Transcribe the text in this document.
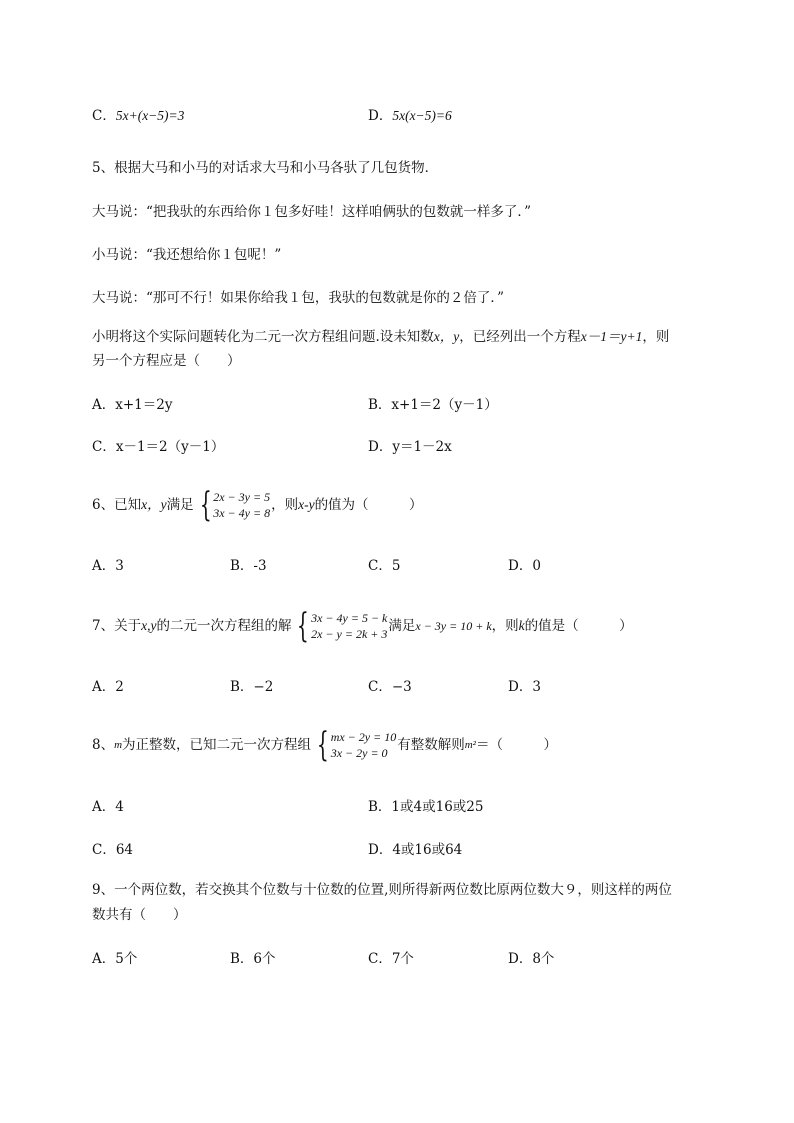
C．5x+(x−5)=3	D．5x(x−5)=6
5、根据大马和小马的对话求大马和小马各驮了几包货物．
大马说：“把我驮的东西给你１包多好哇！这样咱俩驮的包数就一样多了．”
小马说：“我还想给你１包呢！”
大马说：“那可不行！如果你给我１包，我驮的包数就是你的２倍了．”
小明将这个实际问题转化为二元一次方程组问题.设未知数x，y，已经列出一个方程x－1＝y+1，则
另一个方程应是（　　）
A．x+1＝2y	B．x+1＝2（y－1）
C．x－1＝2（y－1）	D．y＝1－2x
6、已知 x，y 满足 { 2x − 3y = 5
3x − 4y = 8 ，则 x-y 的值为（　　　）
A．3	B．-3	C．5	D．0
7、关于 x,y 的二元一次方程组的解 { 3x − 4y = 5 − k
2x − y = 2k + 3 满足 x − 3y = 10 + k ，则 k 的值是（　　　）
A．2	B．−2	C．−3	D．3
8、 m 为正整数，已知二元一次方程组 { mx − 2y = 10
3x − 2y = 0 有整数解则 m² ＝（　　　）
A．4	B．1或4或16或25
C．64	D．4或16或64
9、一个两位数，若交换其个位数与十位数的位置,则所得新两位数比原两位数大９，则这样的两位
数共有（　　）
A．5个	B．6个	C．7个	D．8个
